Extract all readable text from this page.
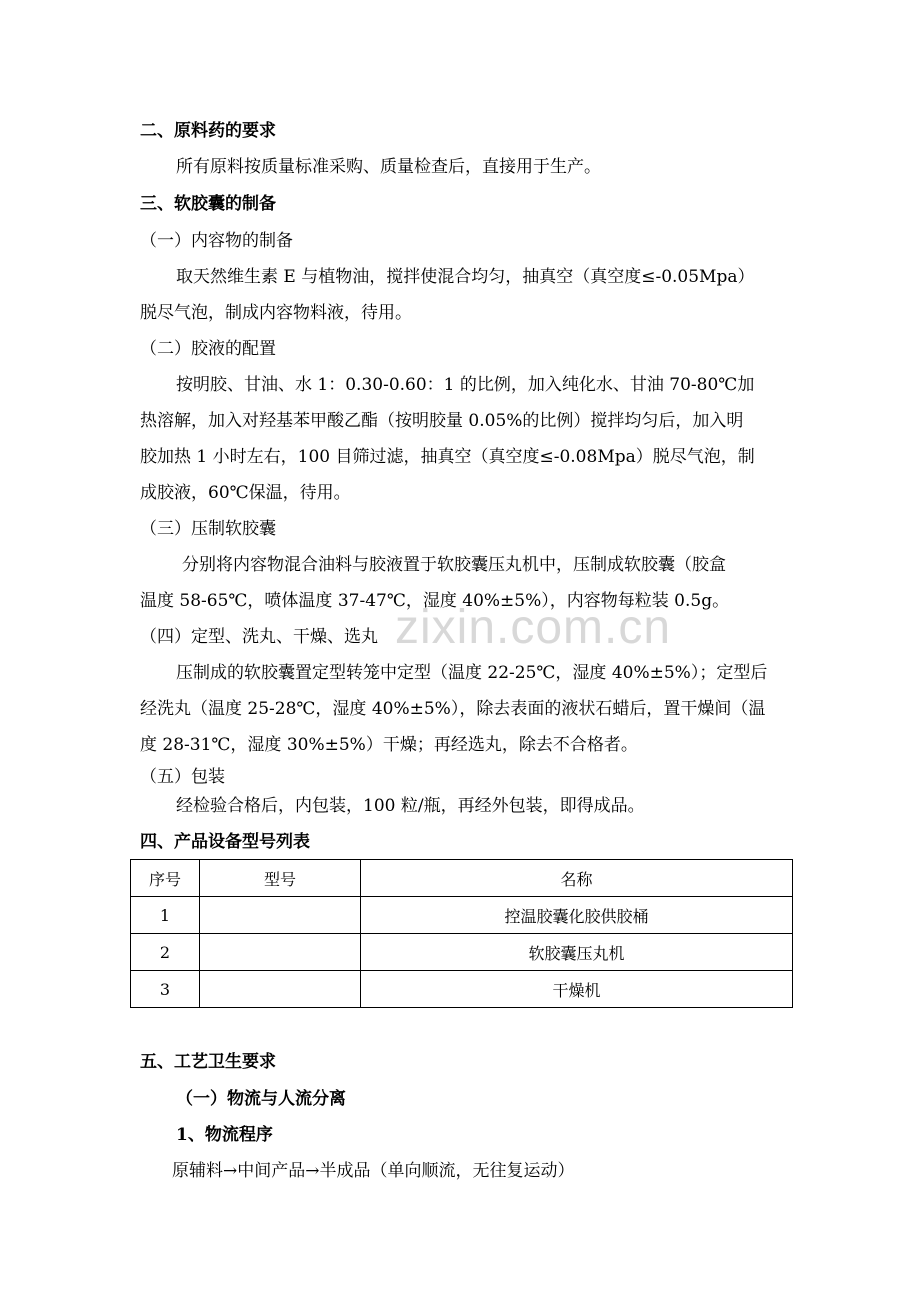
zixin.com.cn
二、原料药的要求
所有原料按质量标准采购、质量检查后，直接用于生产。
三、软胶囊的制备
（一）内容物的制备
取天然维生素 E 与植物油，搅拌使混合均匀，抽真空（真空度≤-0.05Mpa）
脱尽气泡，制成内容物料液，待用。
（二）胶液的配置
按明胶、甘油、水 1：0.30-0.60：1 的比例，加入纯化水、甘油 70-80℃加
热溶解，加入对羟基苯甲酸乙酯（按明胶量 0.05%的比例）搅拌均匀后，加入明
胶加热 1 小时左右，100 目筛过滤，抽真空（真空度≤-0.08Mpa）脱尽气泡，制
成胶液，60℃保温，待用。
（三）压制软胶囊
分别将内容物混合油料与胶液置于软胶囊压丸机中，压制成软胶囊（胶盒
温度 58-65℃，喷体温度 37-47℃，湿度 40%±5%），内容物每粒装 0.5g。
（四）定型、洗丸、干燥、选丸
压制成的软胶囊置定型转笼中定型（温度 22-25℃，湿度 40%±5%）；定型后
经洗丸（温度 25-28℃，湿度 40%±5%），除去表面的液状石蜡后，置干燥间（温
度 28-31℃，湿度 30%±5%）干燥；再经选丸，除去不合格者。
（五）包装
经检验合格后，内包装，100 粒/瓶，再经外包装，即得成品。
四、产品设备型号列表
序号	型号	名称
1		控温胶囊化胶供胶桶
2		软胶囊压丸机
3		干燥机
五、工艺卫生要求
（一）物流与人流分离
1、物流程序
原辅料→中间产品→半成品（单向顺流，无往复运动）
